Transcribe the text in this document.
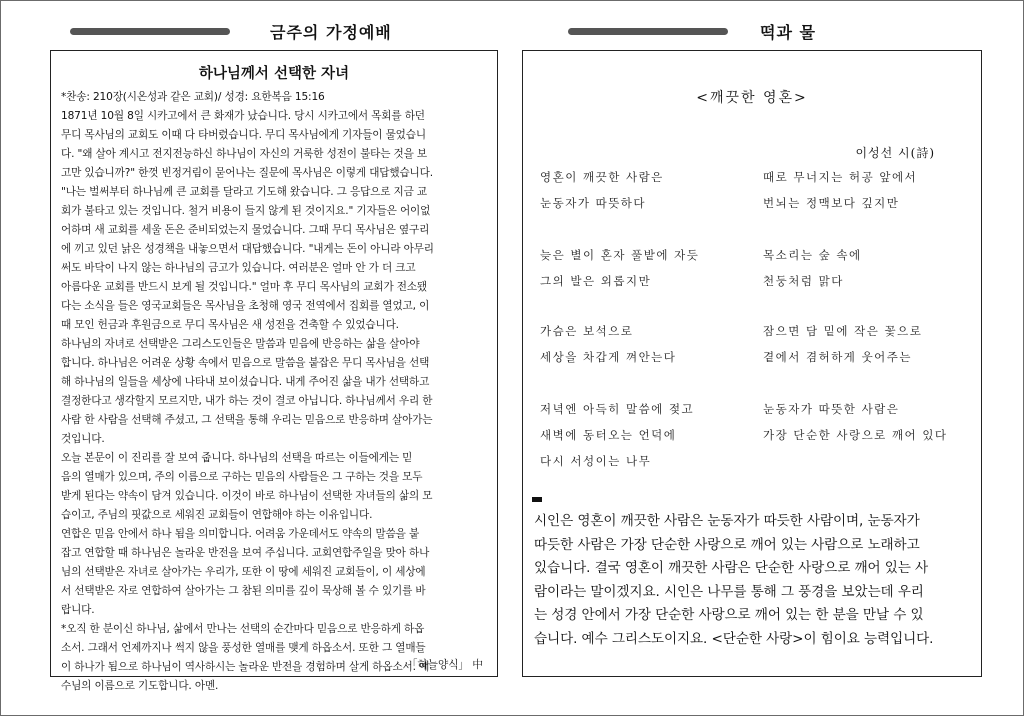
금주의 가정예배	떡과 물
하나님께서 선택한 자녀
*찬송: 210장(시온성과 같은 교회)/ 성경: 요한복음 15:16
1871년 10월 8일 시카고에서 큰 화재가 났습니다. 당시 시카고에서 목회를 하던
무디 목사님의 교회도 이때 다 타버렸습니다. 무디 목사님에게 기자들이 물었습니
다. "왜 살아 계시고 전지전능하신 하나님이 자신의 거룩한 성전이 불타는 것을 보
고만 있습니까?" 한껏 빈정거림이 묻어나는 질문에 목사님은 이렇게 대답했습니다.
"나는 벌써부터 하나님께 큰 교회를 달라고 기도해 왔습니다. 그 응답으로 지금 교
회가 불타고 있는 것입니다. 철거 비용이 들지 않게 된 것이지요." 기자들은 어이없
어하며 새 교회를 세울 돈은 준비되었는지 물었습니다. 그때 무디 목사님은 옆구리
에 끼고 있던 낡은 성경책을 내놓으면서 대답했습니다. "내게는 돈이 아니라 아무리
써도 바닥이 나지 않는 하나님의 금고가 있습니다. 여러분은 얼마 안 가 더 크고
아름다운 교회를 반드시 보게 될 것입니다." 얼마 후 무디 목사님의 교회가 전소됐
다는 소식을 들은 영국교회들은 목사님을 초청해 영국 전역에서 집회를 열었고, 이
때 모인 헌금과 후원금으로 무디 목사님은 새 성전을 건축할 수 있었습니다.
하나님의 자녀로 선택받은 그리스도인들은 말씀과 믿음에 반응하는 삶을 살아야
합니다. 하나님은 어려운 상황 속에서 믿음으로 말씀을 붙잡은 무디 목사님을 선택
해 하나님의 일들을 세상에 나타내 보이셨습니다. 내게 주어진 삶을 내가 선택하고
결정한다고 생각할지 모르지만, 내가 하는 것이 결코 아닙니다. 하나님께서 우리 한
사람 한 사람을 선택해 주셨고, 그 선택을 통해 우리는 믿음으로 반응하며 살아가는
것입니다.
오늘 본문이 이 진리를 잘 보여 줍니다. 하나님의 선택을 따르는 이들에게는 믿
음의 열매가 있으며, 주의 이름으로 구하는 믿음의 사람들은 그 구하는 것을 모두
받게 된다는 약속이 담겨 있습니다. 이것이 바로 하나님이 선택한 자녀들의 삶의 모
습이고, 주님의 핏값으로 세워진 교회들이 연합해야 하는 이유입니다.
연합은 믿음 안에서 하나 됨을 의미합니다. 어려움 가운데서도 약속의 말씀을 붙
잡고 연합할 때 하나님은 놀라운 반전을 보여 주십니다. 교회연합주일을 맞아 하나
님의 선택받은 자녀로 살아가는 우리가, 또한 이 땅에 세워진 교회들이, 이 세상에
서 선택받은 자로 연합하여 살아가는 그 참된 의미를 깊이 묵상해 볼 수 있기를 바
랍니다.
*오직 한 분이신 하나님, 삶에서 만나는 선택의 순간마다 믿음으로 반응하게 하옵
소서. 그래서 언제까지나 썩지 않을 풍성한 열매를 맺게 하옵소서. 또한 그 열매들
이 하나가 됨으로 하나님이 역사하시는 놀라운 반전을 경험하며 살게 하옵소서. 예
수님의 이름으로 기도합니다. 아멘.
「하늘양식」 中
<깨끗한 영혼>
이성선 시(詩)
영혼이 깨끗한 사람은
눈동자가 따뜻하다
때로 무너지는 허공 앞에서
번뇌는 정맥보다 깊지만
늦은 별이 혼자 풀밭에 자듯
그의 발은 외롭지만
목소리는 숲 속에
천둥처럼 맑다
가슴은 보석으로
세상을 차갑게 껴안는다
잠으면 담 밑에 작은 꽃으로
곁에서 겸허하게 웃어주는
저녁엔 아득히 말씀에 젖고
새벽에 동터오는 언덕에
다시 서성이는 나무
눈동자가 따뜻한 사람은
가장 단순한 사랑으로 깨어 있다

시인은 영혼이 깨끗한 사람은 눈동자가 따듯한 사람이며, 눈동자가

따듯한 사람은 가장 단순한 사랑으로 깨어 있는 사람으로 노래하고

있습니다. 결국 영혼이 깨끗한 사람은 단순한 사랑으로 깨어 있는 사

람이라는 말이겠지요. 시인은 나무를 통해 그 풍경을 보았는데 우리

는 성경 안에서 가장 단순한 사랑으로 깨어 있는 한 분을 만날 수 있

습니다. 예수 그리스도이지요. <단순한 사랑>이 힘이요 능력입니다.
